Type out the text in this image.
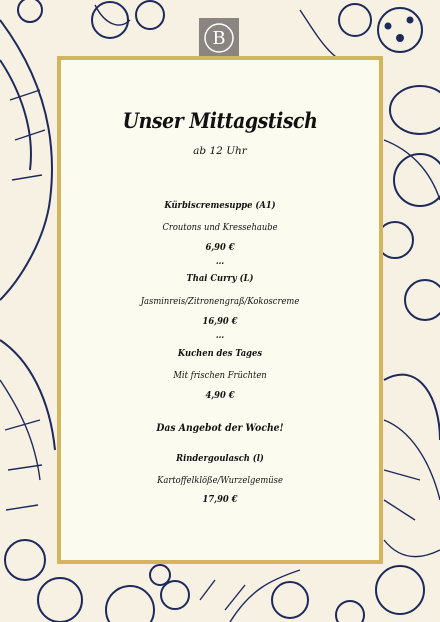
B
Unser Mittagstisch
ab 12 Uhr
Kürbiscremesuppe (A1)
Croutons und Kressehaube
6,90 €
...
Thai Curry (L)
Jasminreis/Zitronengraß/Kokoscreme
16,90 €
...
Kuchen des Tages
Mit frischen Früchten
4,90 €
Das Angebot der Woche!
Rindergoulasch (l)
Kartoffelklöße/Wurzelgemüse
17,90 €
